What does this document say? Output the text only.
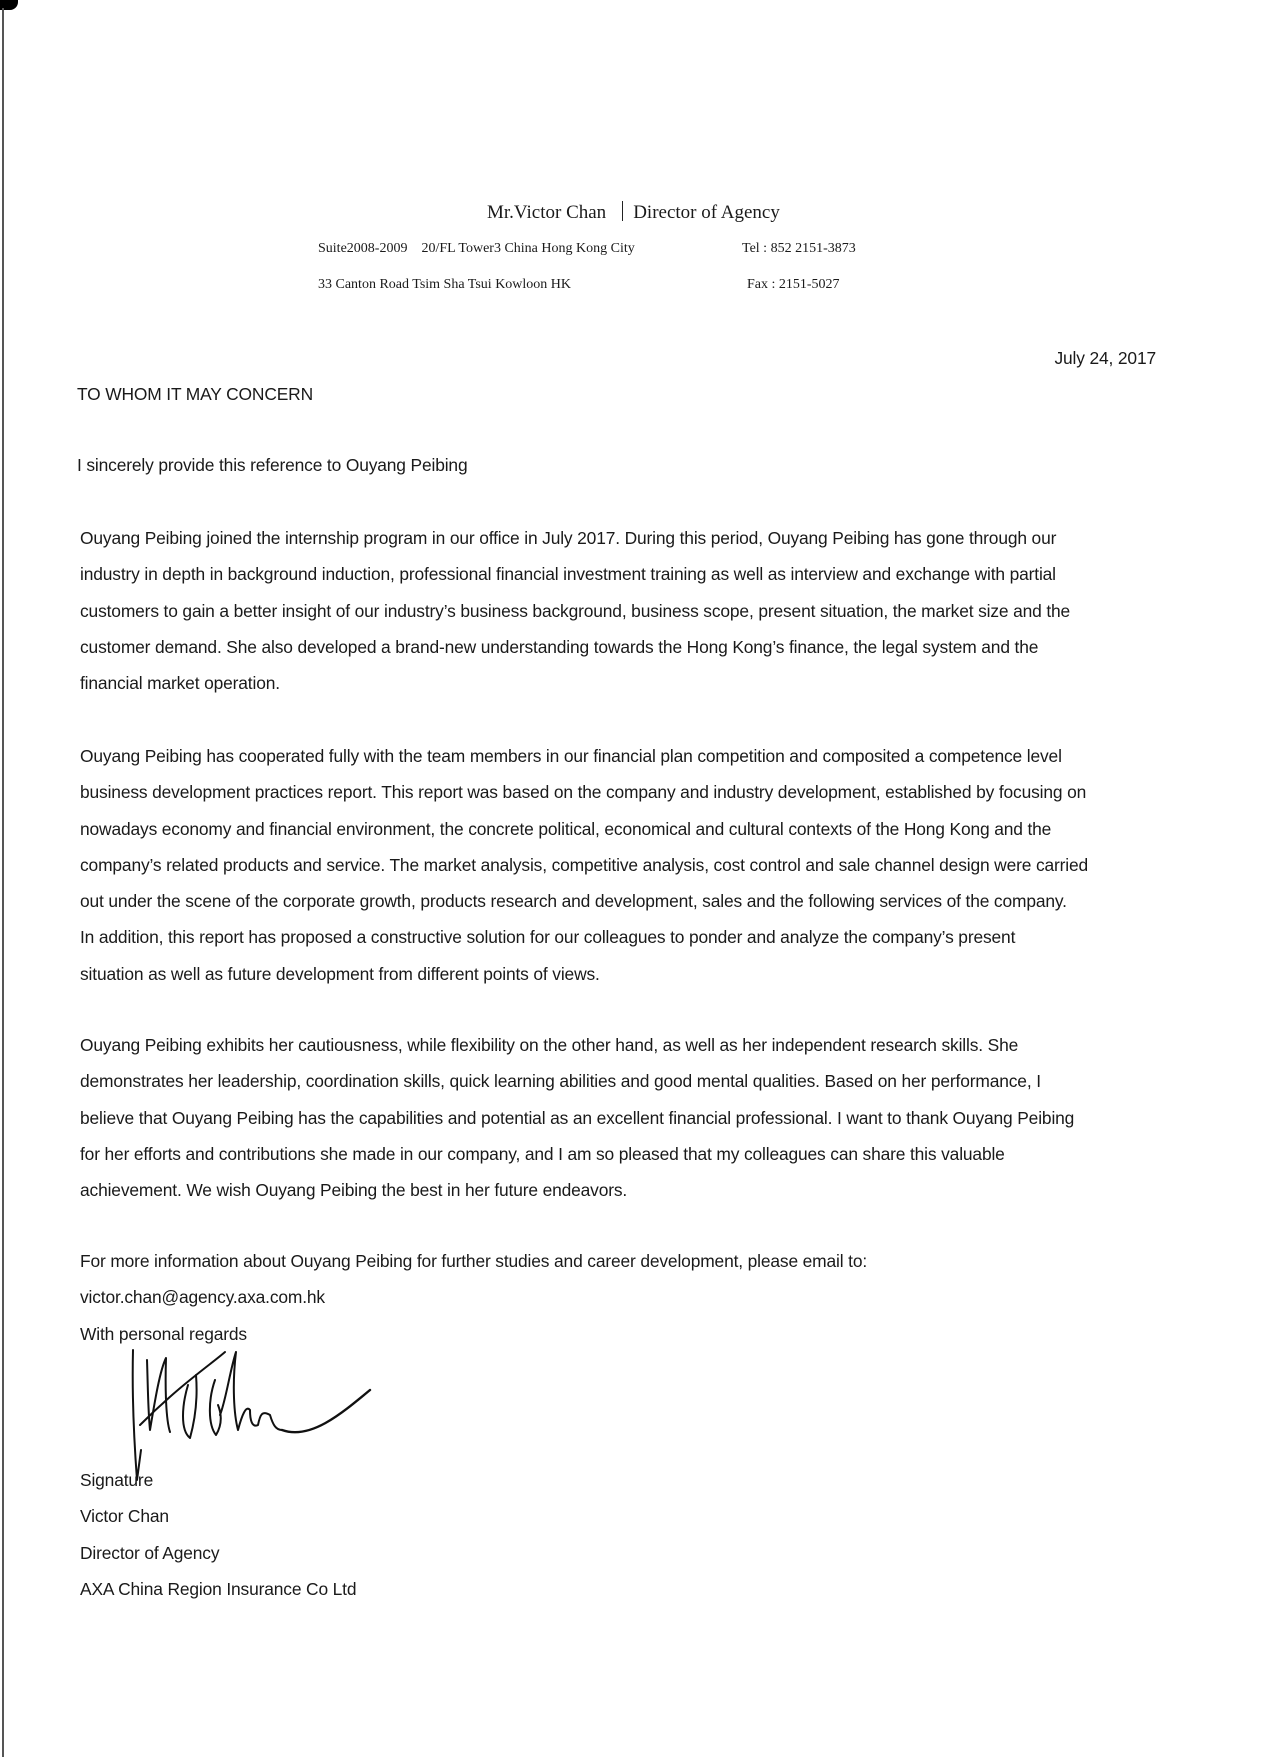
Mr.Victor Chan Director of Agency
Suite2008-2009    20/FL Tower3 China Hong Kong City	Tel : 852 2151-3873
33 Canton Road Tsim Sha Tsui Kowloon HK	Fax : 2151-5027
July 24, 2017
TO WHOM IT MAY CONCERN
I sincerely provide this reference to Ouyang Peibing
Ouyang Peibing joined the internship program in our office in July 2017. During this period, Ouyang Peibing has gone through our
industry in depth in background induction, professional financial investment training as well as interview and exchange with partial
customers to gain a better insight of our industry’s business background, business scope, present situation, the market size and the
customer demand. She also developed a brand-new understanding towards the Hong Kong’s finance, the legal system and the
financial market operation.
Ouyang Peibing has cooperated fully with the team members in our financial plan competition and composited a competence level
business development practices report. This report was based on the company and industry development, established by focusing on
nowadays economy and financial environment, the concrete political, economical and cultural contexts of the Hong Kong and the
company’s related products and service. The market analysis, competitive analysis, cost control and sale channel design were carried
out under the scene of the corporate growth, products research and development, sales and the following services of the company.
In addition, this report has proposed a constructive solution for our colleagues to ponder and analyze the company’s present
situation as well as future development from different points of views.
Ouyang Peibing exhibits her cautiousness, while flexibility on the other hand, as well as her independent research skills. She
demonstrates her leadership, coordination skills, quick learning abilities and good mental qualities. Based on her performance, I
believe that Ouyang Peibing has the capabilities and potential as an excellent financial professional. I want to thank Ouyang Peibing
for her efforts and contributions she made in our company, and I am so pleased that my colleagues can share this valuable
achievement. We wish Ouyang Peibing the best in her future endeavors.
For more information about Ouyang Peibing for further studies and career development, please email to:
victor.chan@agency.axa.com.hk
With personal regards
Signature
Victor Chan
Director of Agency
AXA China Region Insurance Co Ltd
